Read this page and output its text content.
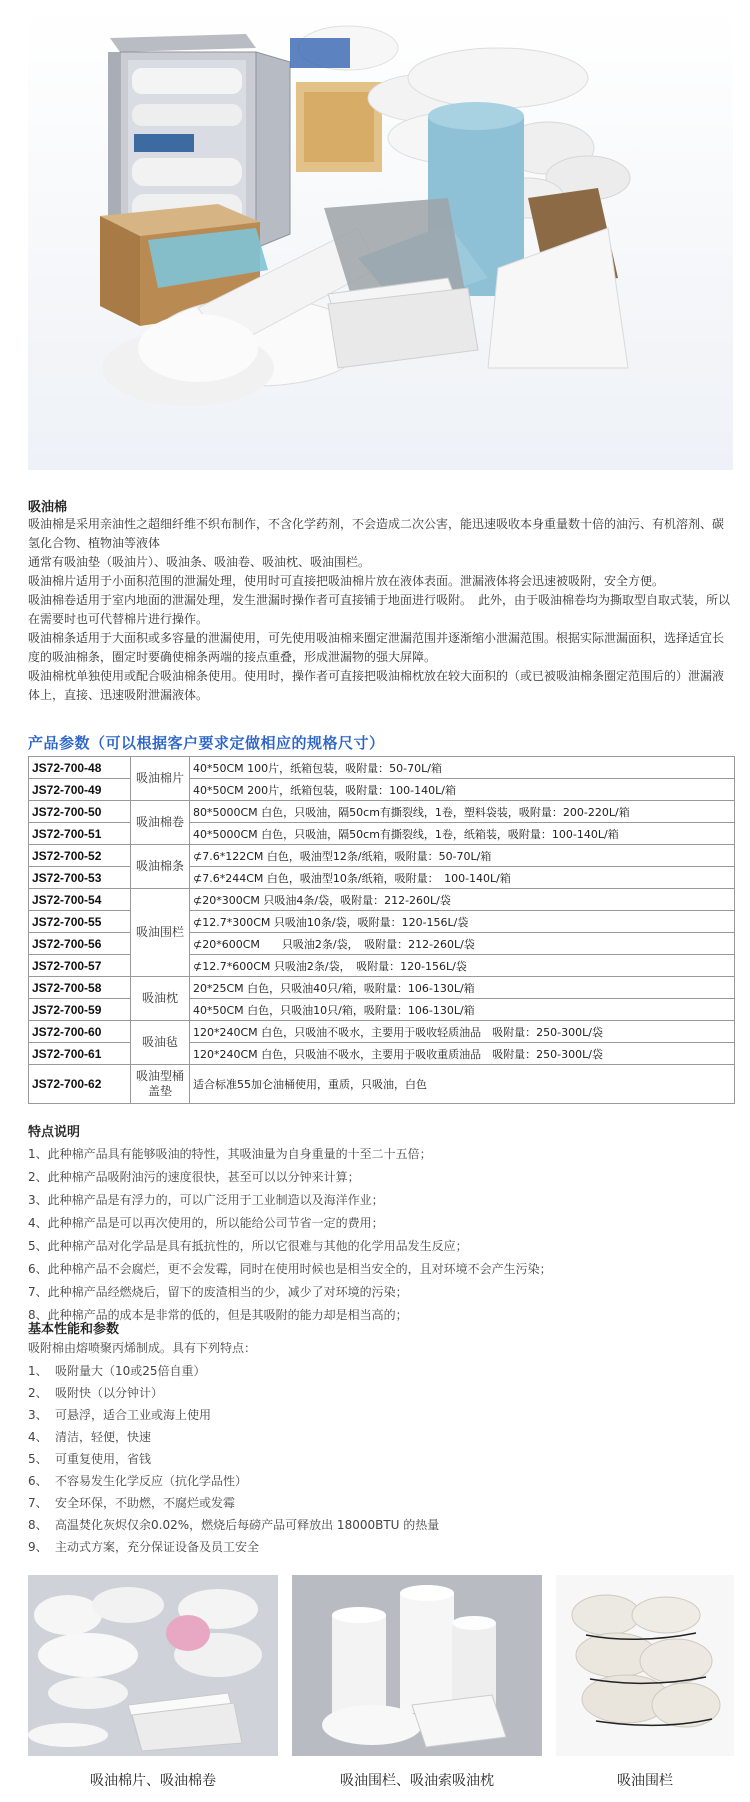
吸油棉

吸油棉是采用亲油性之超细纤维不织布制作，不含化学药剂，不会造成二次公害，能迅速吸收本身重量数十倍的油污、有机溶剂、碳氢化合物、植物油等液体

通常有吸油垫（吸油片）、吸油条、吸油卷、吸油枕、吸油围栏。

吸油棉片适用于小面积范围的泄漏处理，使用时可直接把吸油棉片放在液体表面。泄漏液体将会迅速被吸附，安全方便。

吸油棉卷适用于室内地面的泄漏处理，发生泄漏时操作者可直接铺于地面进行吸附。　此外，由于吸油棉卷均为撕取型自取式装，所以在需要时也可代替棉片进行操作。

吸油棉条适用于大面积或多容量的泄漏使用，可先使用吸油棉来圈定泄漏范围并逐渐缩小泄漏范围。根据实际泄漏面积，选择适宜长度的吸油棉条，圈定时要确使棉条两端的接点重叠，形成泄漏物的强大屏障。

吸油棉枕单独使用或配合吸油棉条使用。使用时，操作者可直接把吸油棉枕放在较大面积的（或已被吸油棉条圈定范围后的）泄漏液体上，直接、迅速吸附泄漏液体。

产品参数（可以根据客户要求定做相应的规格尺寸）
JS72-700-48	吸油棉片	40*50CM 100片，纸箱包装，吸附量：50-70L/箱
JS72-700-49		40*50CM 200片，纸箱包装，吸附量：100-140L/箱
JS72-700-50	吸油棉卷	80*5000CM 白色，只吸油，隔50cm有撕裂线，1卷，塑料袋装，吸附量：200-220L/箱
JS72-700-51		40*5000CM 白色，只吸油，隔50cm有撕裂线，1卷，纸箱装，吸附量：100-140L/箱
JS72-700-52	吸油棉条	⊄7.6*122CM 白色，吸油型12条/纸箱，吸附量：50-70L/箱
JS72-700-53		⊄7.6*244CM 白色，吸油型10条/纸箱，吸附量：　100-140L/箱
JS72-700-54	吸油围栏	⊄20*300CM 只吸油4条/袋，吸附量：212-260L/袋
JS72-700-55		⊄12.7*300CM 只吸油10条/袋，吸附量：120-156L/袋
JS72-700-56		⊄20*600CM　　只吸油2条/袋，　吸附量：212-260L/袋
JS72-700-57		⊄12.7*600CM 只吸油2条/袋，　吸附量：120-156L/袋
JS72-700-58	吸油枕	20*25CM 白色，只吸油40只/箱，吸附量：106-130L/箱
JS72-700-59		40*50CM 白色，只吸油10只/箱，吸附量：106-130L/箱
JS72-700-60	吸油毡	120*240CM 白色，只吸油不吸水，主要用于吸收轻质油品　吸附量：250-300L/袋
JS72-700-61		120*240CM 白色，只吸油不吸水，主要用于吸收重质油品　吸附量：250-300L/袋
JS72-700-62	吸油型桶盖垫	适合标准55加仑油桶使用，重质，只吸油，白色
特点说明
1、此种棉产品具有能够吸油的特性，其吸油量为自身重量的十至二十五倍；
2、此种棉产品吸附油污的速度很快，甚至可以以分钟来计算；
3、此种棉产品是有浮力的，可以广泛用于工业制造以及海洋作业；
4、此种棉产品是可以再次使用的，所以能给公司节省一定的费用；
5、此种棉产品对化学品是具有抵抗性的，所以它很难与其他的化学用品发生反应；
6、此种棉产品不会腐烂，更不会发霉，同时在使用时候也是相当安全的，且对环境不会产生污染；
7、此种棉产品经燃烧后，留下的废渣相当的少，减少了对环境的污染；
8、此种棉产品的成本是非常的低的，但是其吸附的能力却是相当高的；
基本性能和参数
吸附棉由熔喷聚丙烯制成。具有下列特点：
1、 吸附量大（10或25倍自重）
2、 吸附快（以分钟计）
3、 可悬浮，适合工业或海上使用
4、 清洁，轻便，快速
5、 可重复使用，省钱
6、 不容易发生化学反应（抗化学品性）
7、 安全环保，不助燃，不腐烂或发霉
8、 高温焚化灰烬仅余0.02%，燃烧后每磅产品可释放出 18000BTU 的热量
9、 主动式方案，充分保证设备及员工安全
吸油棉片、吸油棉卷	吸油围栏、吸油索吸油枕	吸油围栏
